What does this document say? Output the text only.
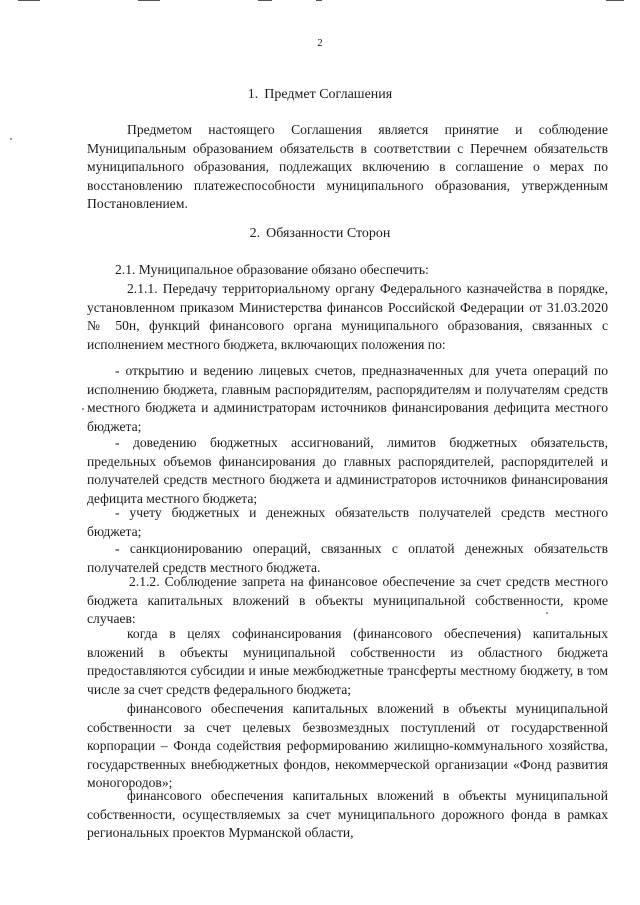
2
1. Предмет Соглашения

Предметом настоящего Соглашения является принятие и соблюдение Муниципальным образованием обязательств в соответствии с Перечнем обязательств муниципального образования, подлежащих включению в соглашение о мерах по восстановлению платежеспособности муниципального образования, утвержденным Постановлением.

2. Обязанности Сторон

2.1. Муниципальное образование обязано обеспечить:

2.1.1. Передачу территориальному органу Федерального казначейства в порядке, установленном приказом Министерства финансов Российской Федерации от 31.03.2020 № 50н, функций финансового органа муниципального образования, связанных с исполнением местного бюджета, включающих положения по:

- открытию и ведению лицевых счетов, предназначенных для учета операций по исполнению бюджета, главным распорядителям, распорядителям и получателям средств местного бюджета и администраторам источников финансирования дефицита местного бюджета;

- доведению бюджетных ассигнований, лимитов бюджетных обязательств, предельных объемов финансирования до главных распорядителей, распорядителей и получателей средств местного бюджета и администраторов источников финансирования дефицита местного бюджета;

- учету бюджетных и денежных обязательств получателей средств местного бюджета;

- санкционированию операций, связанных с оплатой денежных обязательств получателей средств местного бюджета.

2.1.2. Соблюдение запрета на финансовое обеспечение за счет средств местного бюджета капитальных вложений в объекты муниципальной собственности, кроме случаев:

когда в целях софинансирования (финансового обеспечения) капитальных вложений в объекты муниципальной собственности из областного бюджета предоставляются субсидии и иные межбюджетные трансферты местному бюджету, в том числе за счет средств федерального бюджета;

финансового обеспечения капитальных вложений в объекты муниципальной собственности за счет целевых безвозмездных поступлений от государственной корпорации – Фонда содействия реформированию жилищно-коммунального хозяйства, государственных внебюджетных фондов, некоммерческой организации «Фонд развития моногородов»;

финансового обеспечения капитальных вложений в объекты муниципальной собственности, осуществляемых за счет муниципального дорожного фонда в рамках региональных проектов Мурманской области,
